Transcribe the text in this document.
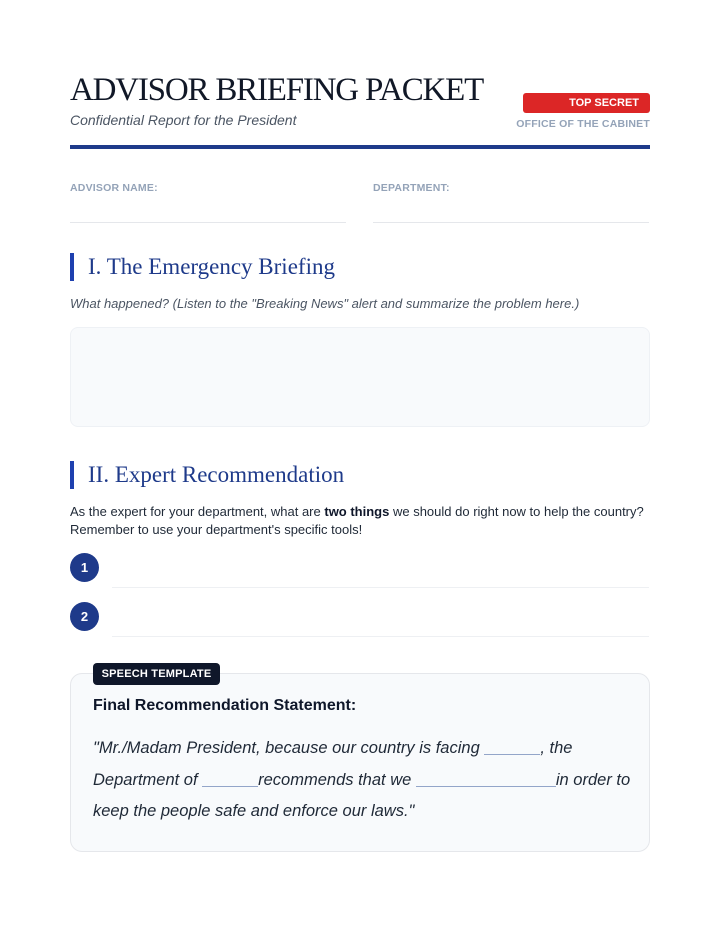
ADVISOR BRIEFING PACKET
Confidential Report for the President
TOP SECRET
OFFICE OF THE CABINET
ADVISOR NAME:	DEPARTMENT:
I. The Emergency Briefing
What happened? (Listen to the "Breaking News" alert and summarize the problem here.)
II. Expert Recommendation
As the expert for your department, what are two things we should do right now to help the country? Remember to use your department's specific tools!
1
2
SPEECH TEMPLATE
Final Recommendation Statement:
"Mr./Madam President, because our country is facing	, the
Department of	recommends that we	in order to
keep the people safe and enforce our laws."
